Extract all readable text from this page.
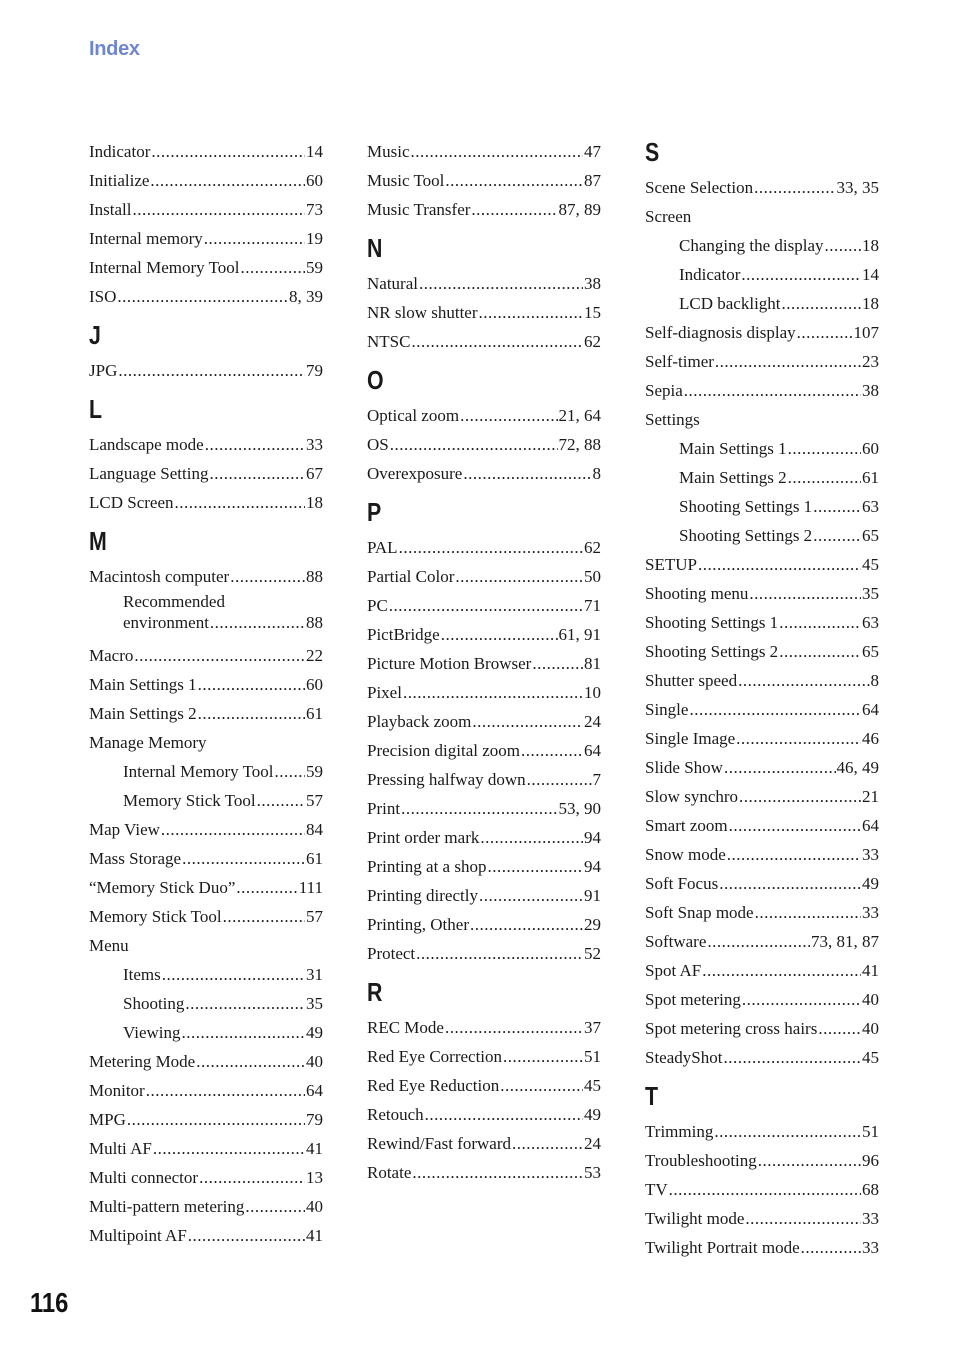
Index
Indicator .....	14
Initialize .....	60
Install .....	73
Internal memory .....	19
Internal Memory Tool .....	59
ISO .....	8, 39
J
JPG .....	79
L
Landscape mode .....	33
Language Setting .....	67
LCD Screen .....	18
M
Macintosh computer .....	88
Recommended
environment .....	88
Macro .....	22
Main Settings 1 .....	60
Main Settings 2 .....	61
Manage Memory
Internal Memory Tool ..... 59
Memory Stick Tool .....	57
Map View .....	84
Mass Storage .....	61
“Memory Stick Duo” .....	111
Memory Stick Tool .....	57
Menu
Items .....	31
Shooting .....	35
Viewing .....	49
Metering Mode .....	40
Monitor .....	64
MPG .....	79
Multi AF .....	41
Multi connector .....	13
Multi-pattern metering .....	40
Multipoint AF .....	41
Music .....	47
Music Tool .....	87
Music Transfer .....	87, 89
N
Natural .....	38
NR slow shutter .....	15
NTSC .....	62
O
Optical zoom .....	21, 64
OS .....	72, 88
Overexposure .....	8
P
PAL .....	62
Partial Color .....	50
PC .....	71
PictBridge .....	61, 91
Picture Motion Browser .....	81
Pixel .....	10
Playback zoom .....	24
Precision digital zoom .....	64
Pressing halfway down .....	7
Print .....	53, 90
Print order mark .....	94
Printing at a shop .....	94
Printing directly .....	91
Printing, Other .....	29
Protect .....	52
R
REC Mode .....	37
Red Eye Correction .....	51
Red Eye Reduction .....	45
Retouch .....	49
Rewind/Fast forward .....	24
Rotate .....	53
S
Scene Selection .....	33, 35
Screen
Changing the display ..... 18
Indicator .....	14
LCD backlight .....	18
Self-diagnosis display .....	107
Self-timer .....	23
Sepia .....	38
Settings
Main Settings 1 .....	60
Main Settings 2 .....	61
Shooting Settings 1 .....	63
Shooting Settings 2 .....	65
SETUP .....	45
Shooting menu .....	35
Shooting Settings 1 .....	63
Shooting Settings 2 .....	65
Shutter speed .....	8
Single .....	64
Single Image .....	46
Slide Show .....	46, 49
Slow synchro .....	21
Smart zoom .....	64
Snow mode .....	33
Soft Focus .....	49
Soft Snap mode .....	33
Software .....	73, 81, 87
Spot AF .....	41
Spot metering .....	40
Spot metering cross hairs .....	40
SteadyShot .....	45
T
Trimming .....	51
Troubleshooting .....	96
TV .....	68
Twilight mode .....	33
Twilight Portrait mode .....	33
116
